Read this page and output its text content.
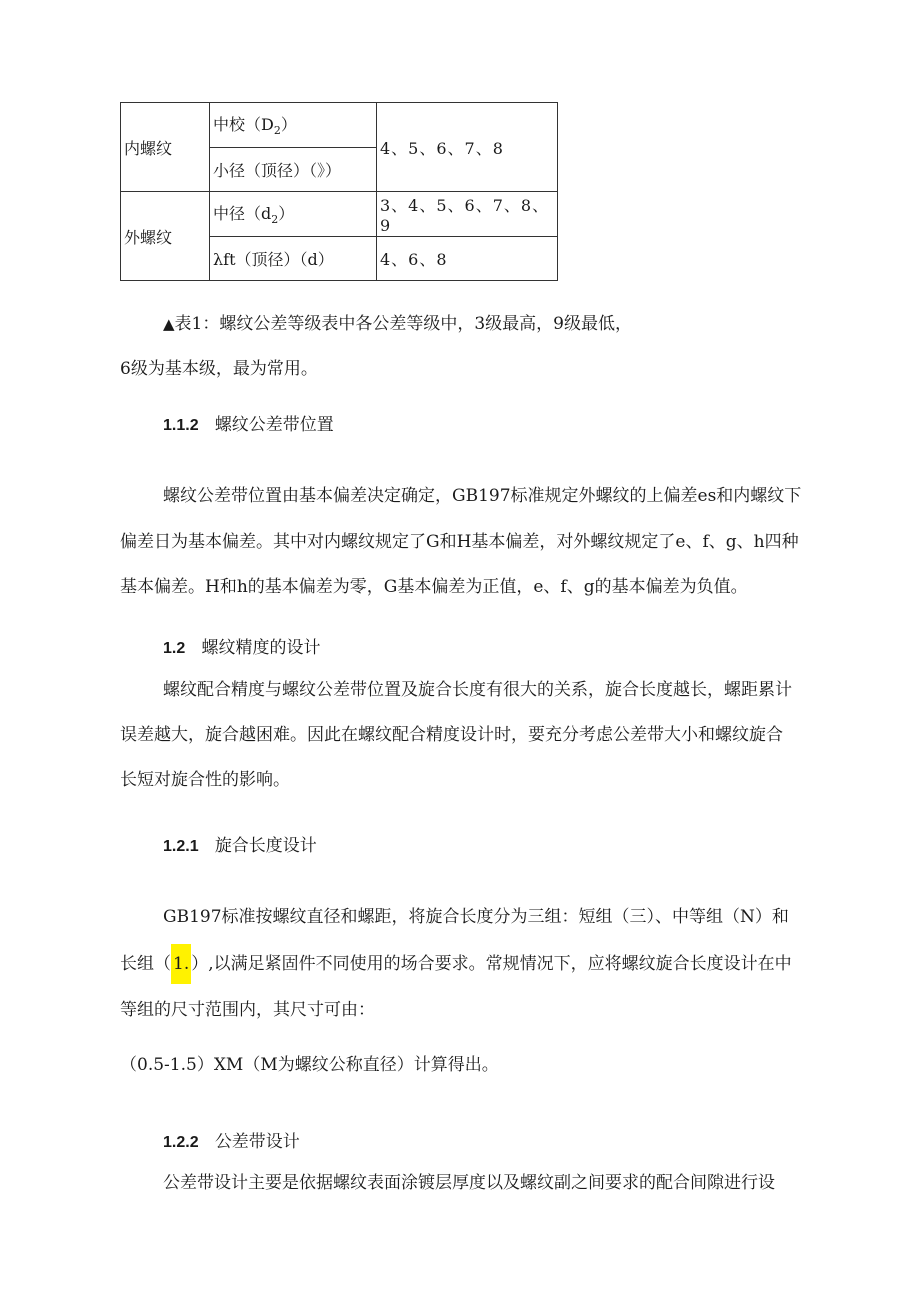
内螺纹	中校$(D_2)$	4、5、6、7、8
	小径（顶径）（》）	
外螺纹	中径$(d_2)$	3、4、5、6、7、8、9
	λft（顶径）（d）	4、6、8
▲表1：螺纹公差等级表中各公差等级中，3级最高，9级最低，
6级为基本级，最为常用。
1.1.2 螺纹公差带位置
螺纹公差带位置由基本偏差决定确定，GB197标准规定外螺纹的上偏差es和内螺纹下
偏差日为基本偏差。其中对内螺纹规定了G和H基本偏差，对外螺纹规定了e、f、g、h四种
基本偏差。H和h的基本偏差为零，G基本偏差为正值，e、f、g的基本偏差为负值。
1.2 螺纹精度的设计
螺纹配合精度与螺纹公差带位置及旋合长度有很大的关系，旋合长度越长，螺距累计
误差越大，旋合越困难。因此在螺纹配合精度设计时，要充分考虑公差带大小和螺纹旋合
长短对旋合性的影响。
1.2.1 旋合长度设计
GB197标准按螺纹直径和螺距，将旋合长度分为三组：短组（三）、中等组（N）和
长组（ 1. ）,以满足紧固件不同使用的场合要求。常规情况下，应将螺纹旋合长度设计在中
等组的尺寸范围内，其尺寸可由：
（0.5-1.5）XM（M为螺纹公称直径）计算得出。
1.2.2 公差带设计
公差带设计主要是依据螺纹表面涂镀层厚度以及螺纹副之间要求的配合间隙进行设
